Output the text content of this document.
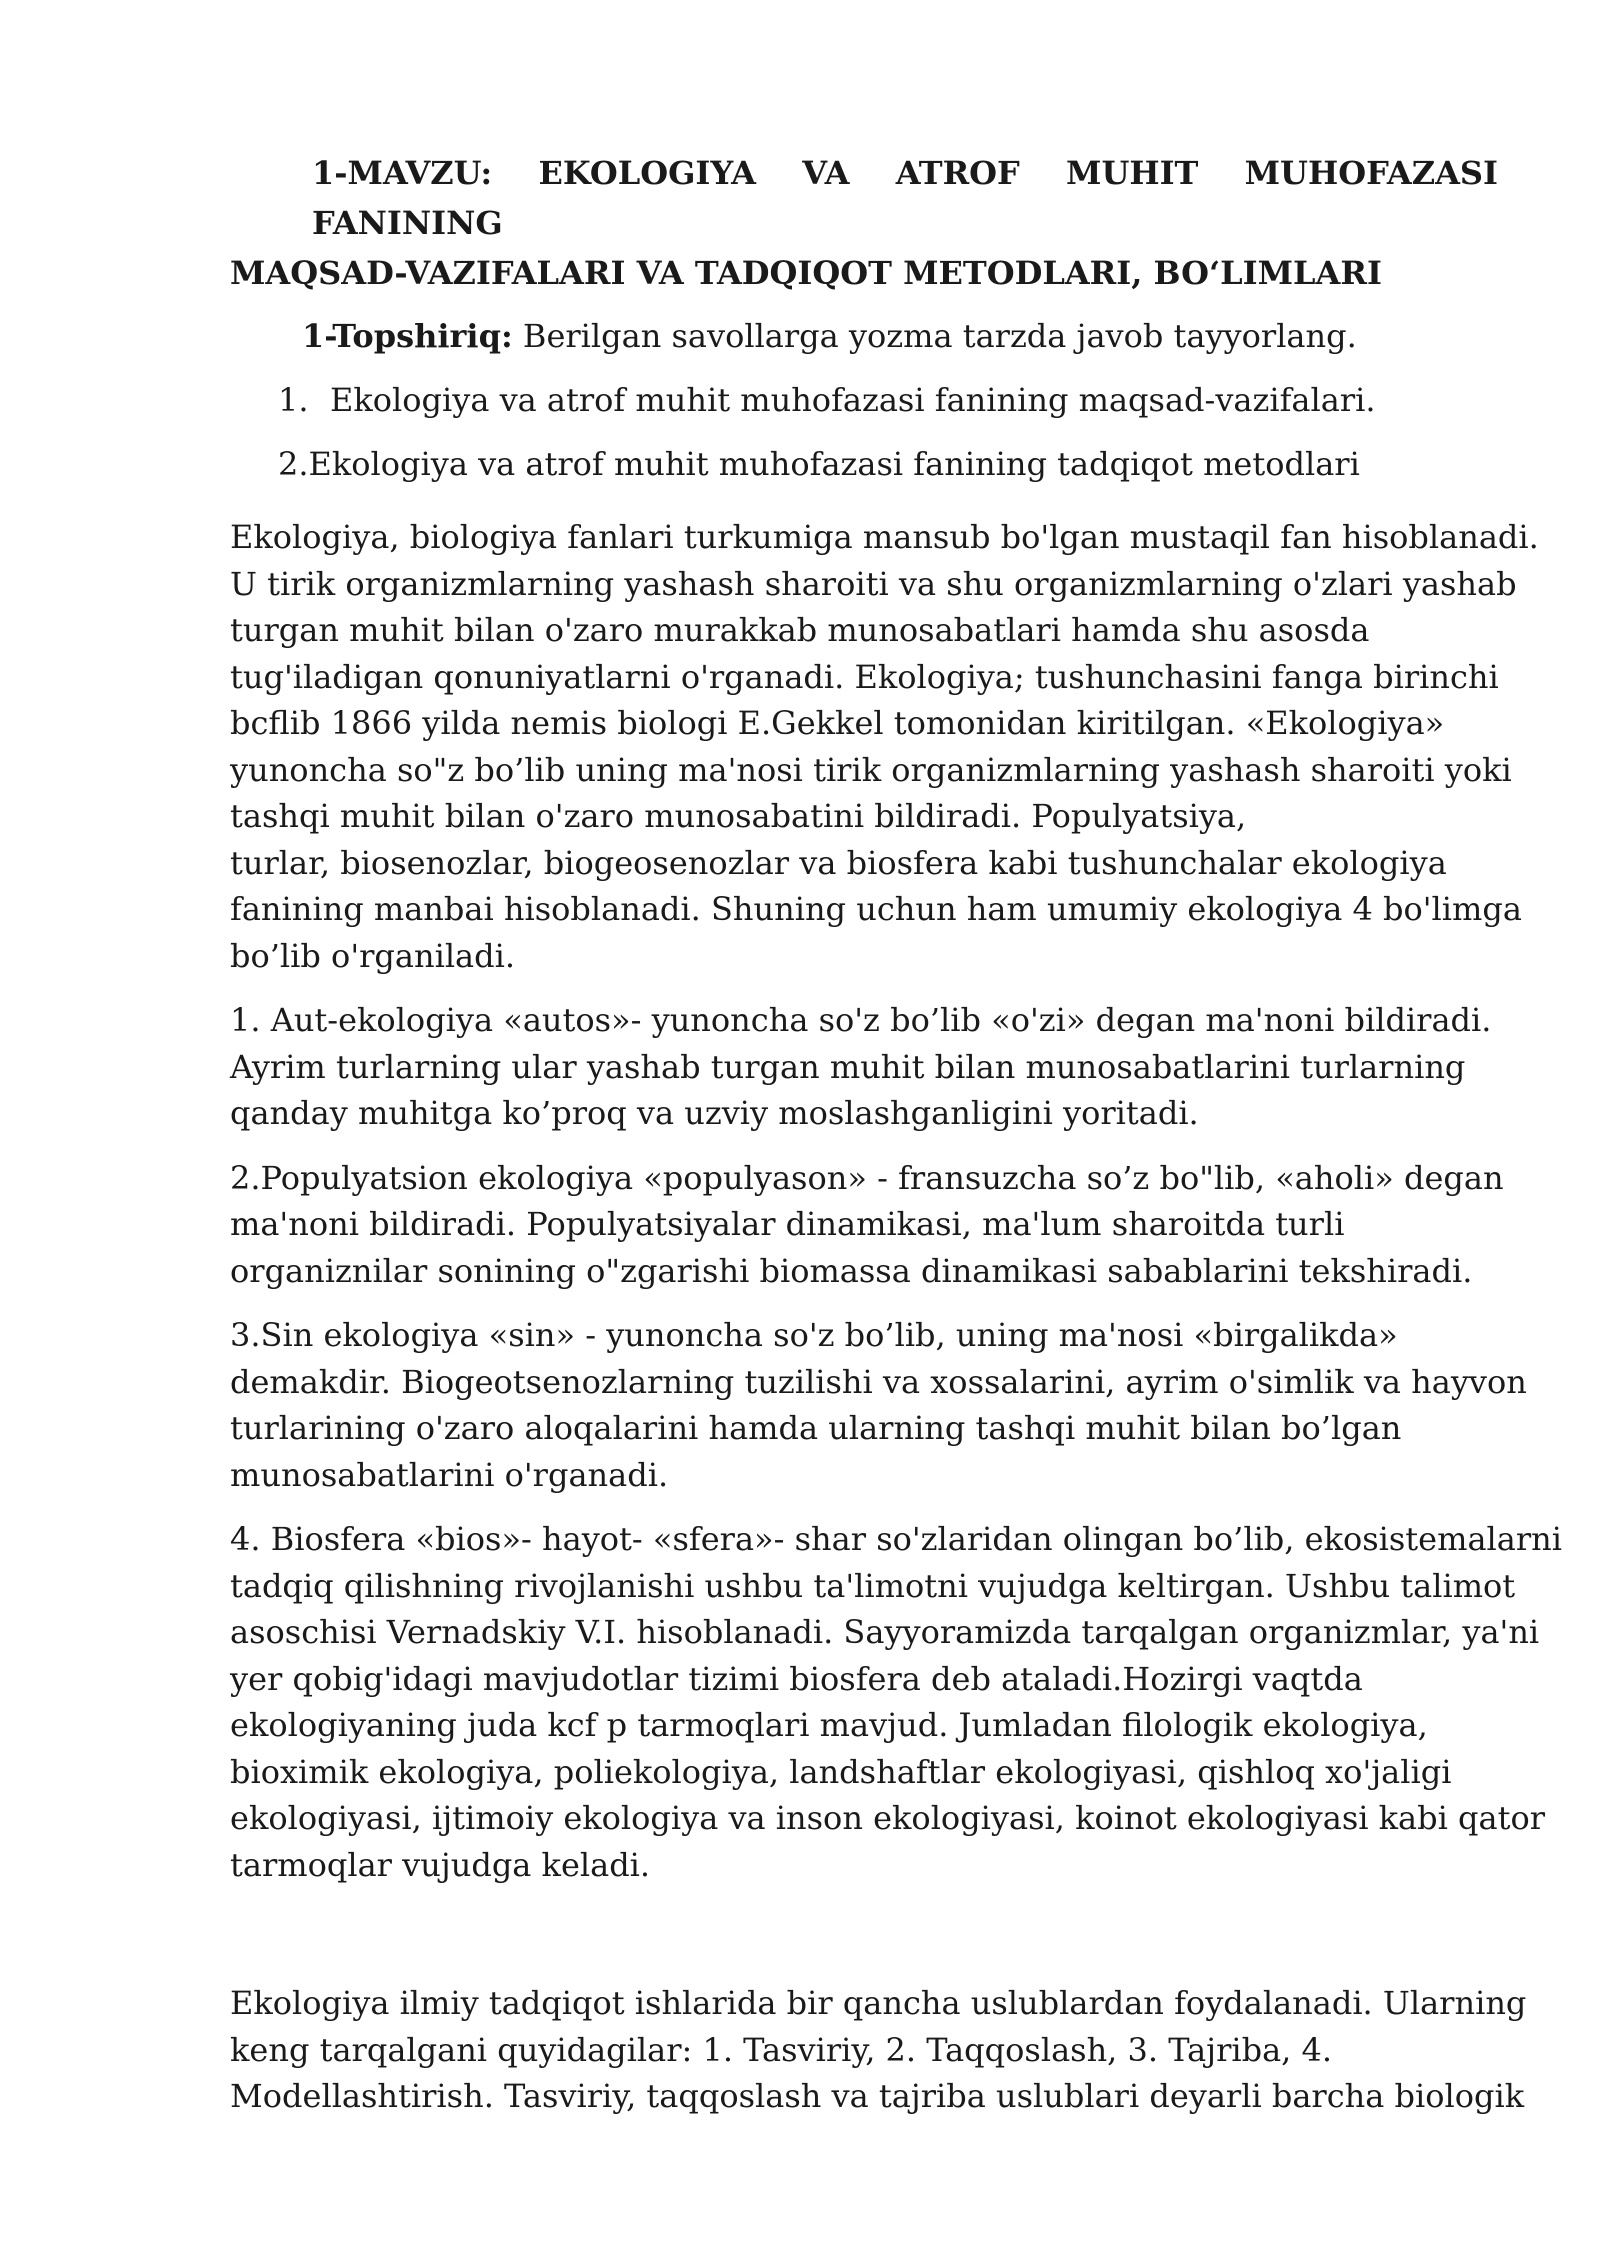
1-MAVZU: EKOLOGIYA VA ATROF MUHIT MUHOFAZASI FANINING

MAQSAD-VAZIFALARI VA TADQIQOT METODLARI, BO‘LIMLARI

1-Topshiriq: Berilgan savollarga yozma tarzda javob tayyorlang.

1. Ekologiya va atrof muhit muhofazasi fanining maqsad-vazifalari.

2.Ekologiya va atrof muhit muhofazasi fanining tadqiqot metodlari

Ekologiya, biologiya fanlari turkumiga mansub bo'lgan mustaqil fan hisoblanadi.

U tirik organizmlarning yashash sharoiti va shu organizmlarning o'zlari yashab

turgan muhit bilan o'zaro murakkab munosabatlari hamda shu asosda

tug'iladigan qonuniyatlarni o'rganadi. Ekologiya; tushunchasini fanga birinchi

bcflib 1866 yilda nemis biologi E.Gekkel tomonidan kiritilgan. «Ekologiya»

yunoncha so"z bo’lib uning ma'nosi tirik organizmlarning yashash sharoiti yoki

tashqi muhit bilan o'zaro munosabatini bildiradi. Populyatsiya,

turlar, biosenozlar, biogeosenozlar va biosfera kabi tushunchalar ekologiya

fanining manbai hisoblanadi. Shuning uchun ham umumiy ekologiya 4 bo'limga

bo’lib o'rganiladi.

1. Aut-ekologiya «autos»- yunoncha so'z bo’lib «o'zi» degan ma'noni bildiradi.

Ayrim turlarning ular yashab turgan muhit bilan munosabatlarini turlarning

qanday muhitga ko’proq va uzviy moslashganligini yoritadi.

2.Populyatsion ekologiya «populyason» - fransuzcha so’z bo"lib, «aholi» degan

ma'noni bildiradi. Populyatsiyalar dinamikasi, ma'lum sharoitda turli

organiznilar sonining o"zgarishi biomassa dinamikasi sabablarini tekshiradi.

3.Sin ekologiya «sin» - yunoncha so'z bo’lib, uning ma'nosi «birgalikda»

demakdir. Biogeotsenozlarning tuzilishi va xossalarini, ayrim o'simlik va hayvon

turlarining o'zaro aloqalarini hamda ularning tashqi muhit bilan bo’lgan

munosabatlarini o'rganadi.

4. Biosfera «bios»- hayot- «sfera»- shar so'zlaridan olingan bo’lib, ekosistemalarni

tadqiq qilishning rivojlanishi ushbu ta'limotni vujudga keltirgan. Ushbu talimot

asoschisi Vernadskiy V.I. hisoblanadi. Sayyoramizda tarqalgan organizmlar, ya'ni

yer qobig'idagi mavjudotlar tizimi biosfera deb ataladi.Hozirgi vaqtda

ekologiyaning juda kcf p tarmoqlari mavjud. Jumladan filologik ekologiya,

bioximik ekologiya, poliekologiya, landshaftlar ekologiyasi, qishloq xo'jaligi

ekologiyasi, ijtimoiy ekologiya va inson ekologiyasi, koinot ekologiyasi kabi qator

tarmoqlar vujudga keladi.

Ekologiya ilmiy tadqiqot ishlarida bir qancha uslublardan foydalanadi. Ularning

keng tarqalgani quyidagilar: 1. Tasviriy, 2. Taqqoslash, 3. Tajriba, 4.

Modellashtirish. Tasviriy, taqqoslash va tajriba uslublari deyarli barcha biologik
